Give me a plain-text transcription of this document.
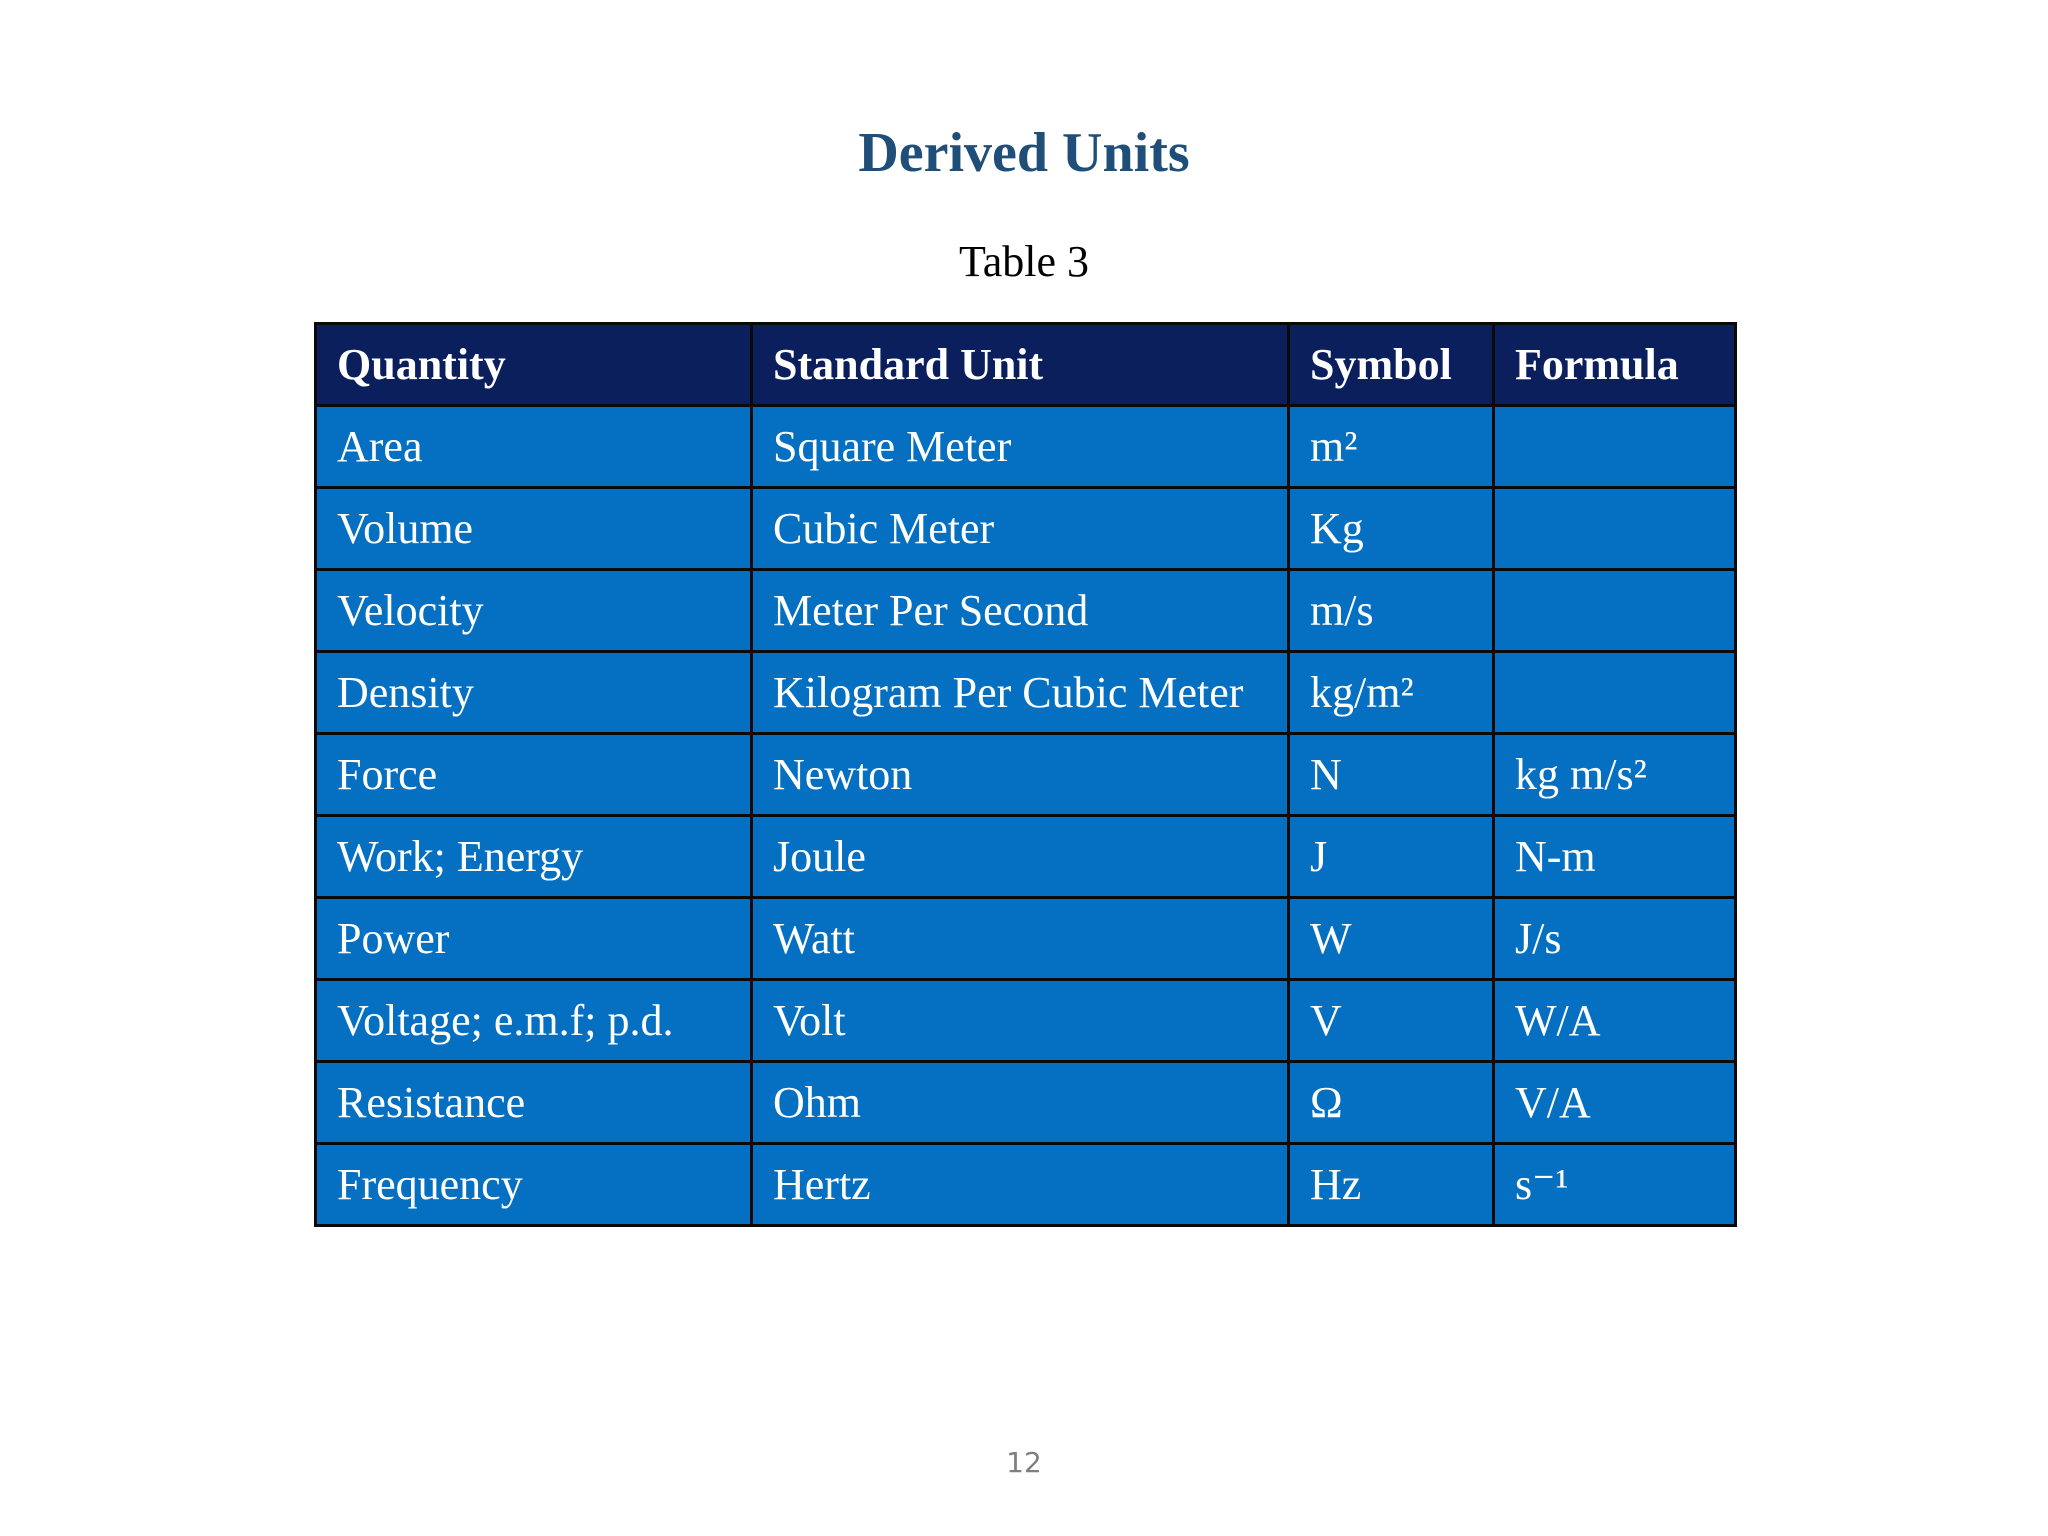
Derived Units
Table 3
Quantity	Standard Unit	Symbol	Formula
Area	Square Meter	m²	
Volume	Cubic Meter	Kg	
Velocity	Meter Per Second	m/s	
Density	Kilogram Per Cubic Meter	kg/m²	
Force	Newton	N	kg m/s²
Work; Energy	Joule	J	N-m
Power	Watt	W	J/s
Voltage; e.m.f; p.d.	Volt	V	W/A
Resistance	Ohm	Ω	V/A
Frequency	Hertz	Hz	s⁻¹
12
